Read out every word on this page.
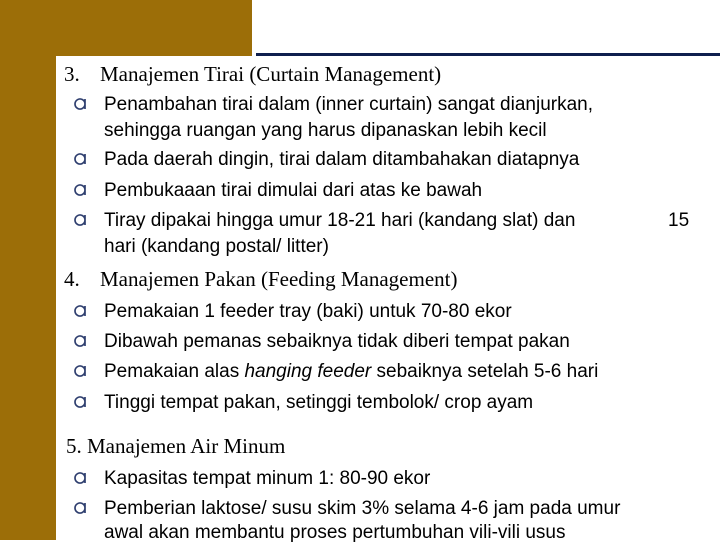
3. Manajemen Tirai (Curtain Management)
Penambahan tirai dalam (inner curtain) sangat dianjurkan,
sehingga ruangan yang harus dipanaskan lebih kecil
Pada daerah dingin, tirai dalam ditambahakan diatapnya
Pembukaaan tirai dimulai dari atas ke bawah
Tiray dipakai hingga umur 18-21 hari (kandang slat) dan
hari (kandang postal/ litter)
15
4. Manajemen Pakan (Feeding Management)
Pemakaian 1 feeder tray (baki) untuk 70-80 ekor
Dibawah pemanas sebaiknya tidak diberi tempat pakan
Pemakaian alas hanging feeder sebaiknya setelah 5-6 hari
Tinggi tempat pakan, setinggi tembolok/ crop ayam
5. Manajemen Air Minum
Kapasitas tempat minum 1: 80-90 ekor
Pemberian laktose/ susu skim 3% selama 4-6 jam pada umur
awal akan membantu proses pertumbuhan vili-vili usus
